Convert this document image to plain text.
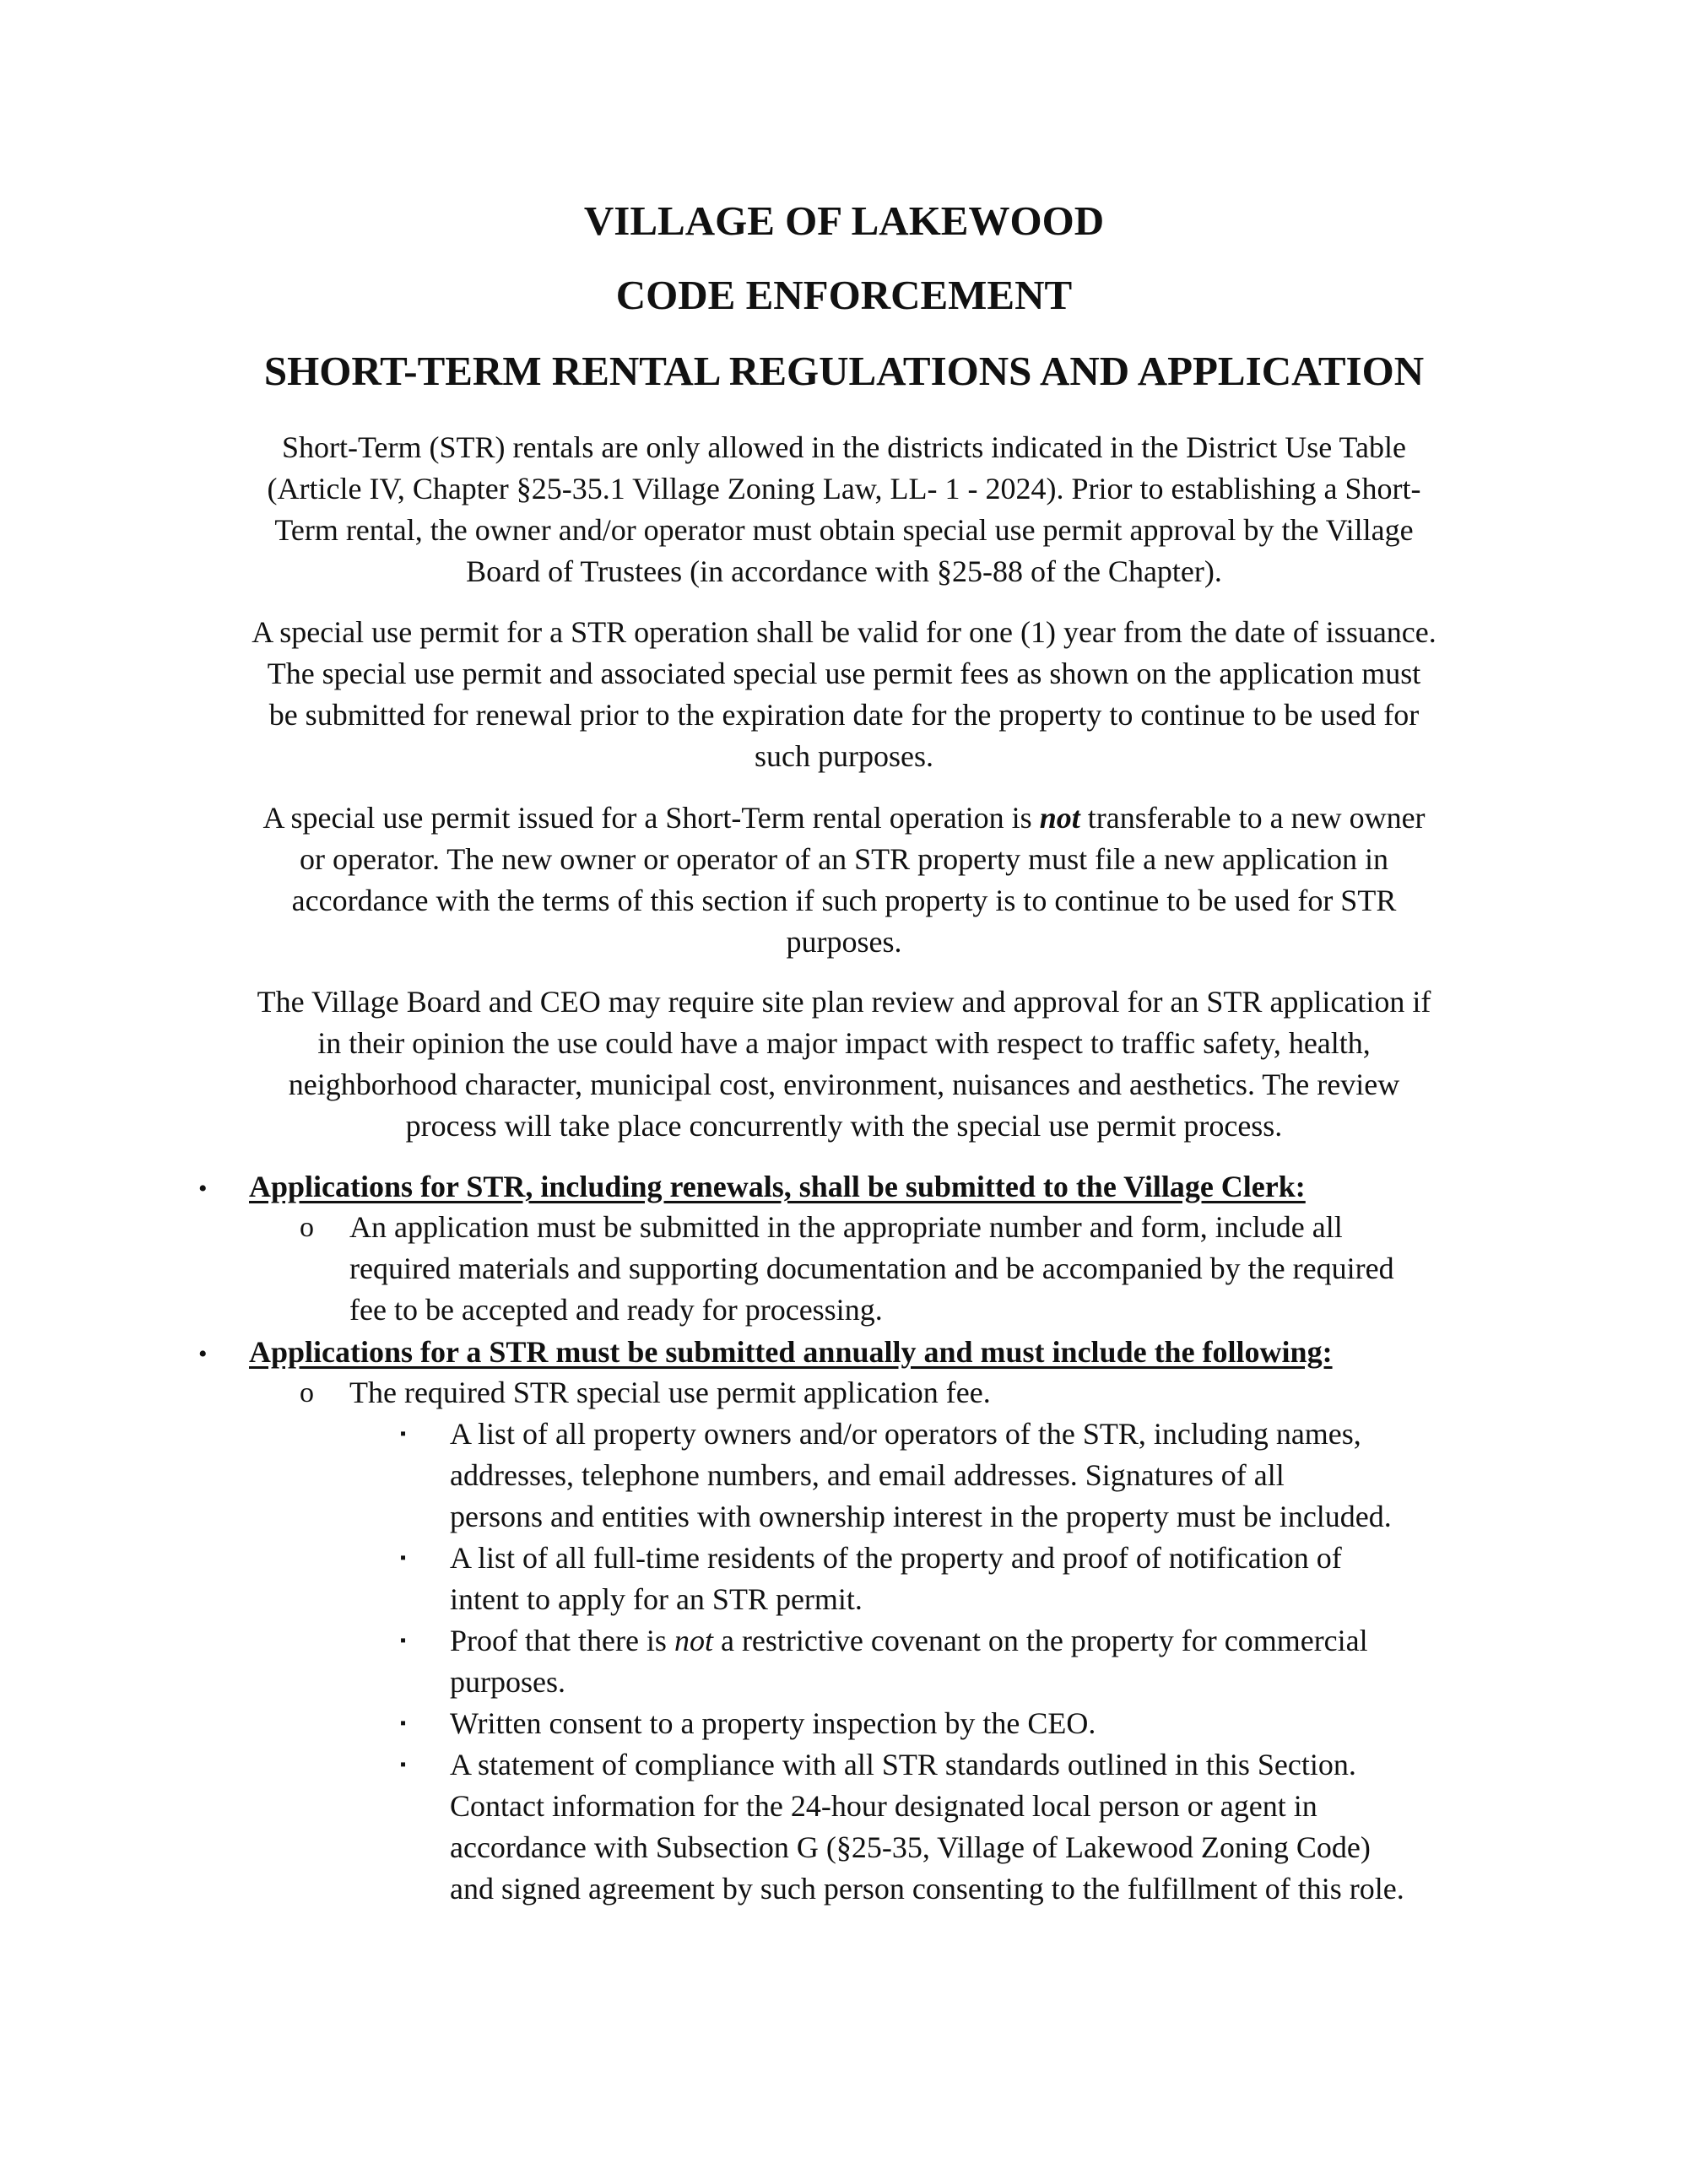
VILLAGE OF LAKEWOOD
CODE ENFORCEMENT
SHORT-TERM RENTAL REGULATIONS AND APPLICATION

Short-Term (STR) rentals are only allowed in the districts indicated in the District Use Table
(Article IV, Chapter §25-35.1 Village Zoning Law, LL- 1 - 2024). Prior to establishing a Short-
Term rental, the owner and/or operator must obtain special use permit approval by the Village
Board of Trustees (in accordance with §25-88 of the Chapter).

A special use permit for a STR operation shall be valid for one (1) year from the date of issuance.
The special use permit and associated special use permit fees as shown on the application must
be submitted for renewal prior to the expiration date for the property to continue to be used for
such purposes.

A special use permit issued for a Short-Term rental operation is not transferable to a new owner
or operator. The new owner or operator of an STR property must file a new application in
accordance with the terms of this section if such property is to continue to be used for STR
purposes.

The Village Board and CEO may require site plan review and approval for an STR application if
in their opinion the use could have a major impact with respect to traffic safety, health,
neighborhood character, municipal cost, environment, nuisances and aesthetics. The review
process will take place concurrently with the special use permit process.

• Applications for STR, including renewals, shall be submitted to the Village Clerk:
o An application must be submitted in the appropriate number and form, include all
required materials and supporting documentation and be accompanied by the required
fee to be accepted and ready for processing.
• Applications for a STR must be submitted annually and must include the following:
o The required STR special use permit application fee.
▪ A list of all property owners and/or operators of the STR, including names,
addresses, telephone numbers, and email addresses. Signatures of all
persons and entities with ownership interest in the property must be included.
▪ A list of all full-time residents of the property and proof of notification of
intent to apply for an STR permit.
▪ Proof that there is not a restrictive covenant on the property for commercial
purposes.
▪ Written consent to a property inspection by the CEO.
▪ A statement of compliance with all STR standards outlined in this Section.
Contact information for the 24-hour designated local person or agent in
accordance with Subsection G (§25-35, Village of Lakewood Zoning Code)
and signed agreement by such person consenting to the fulfillment of this role.
